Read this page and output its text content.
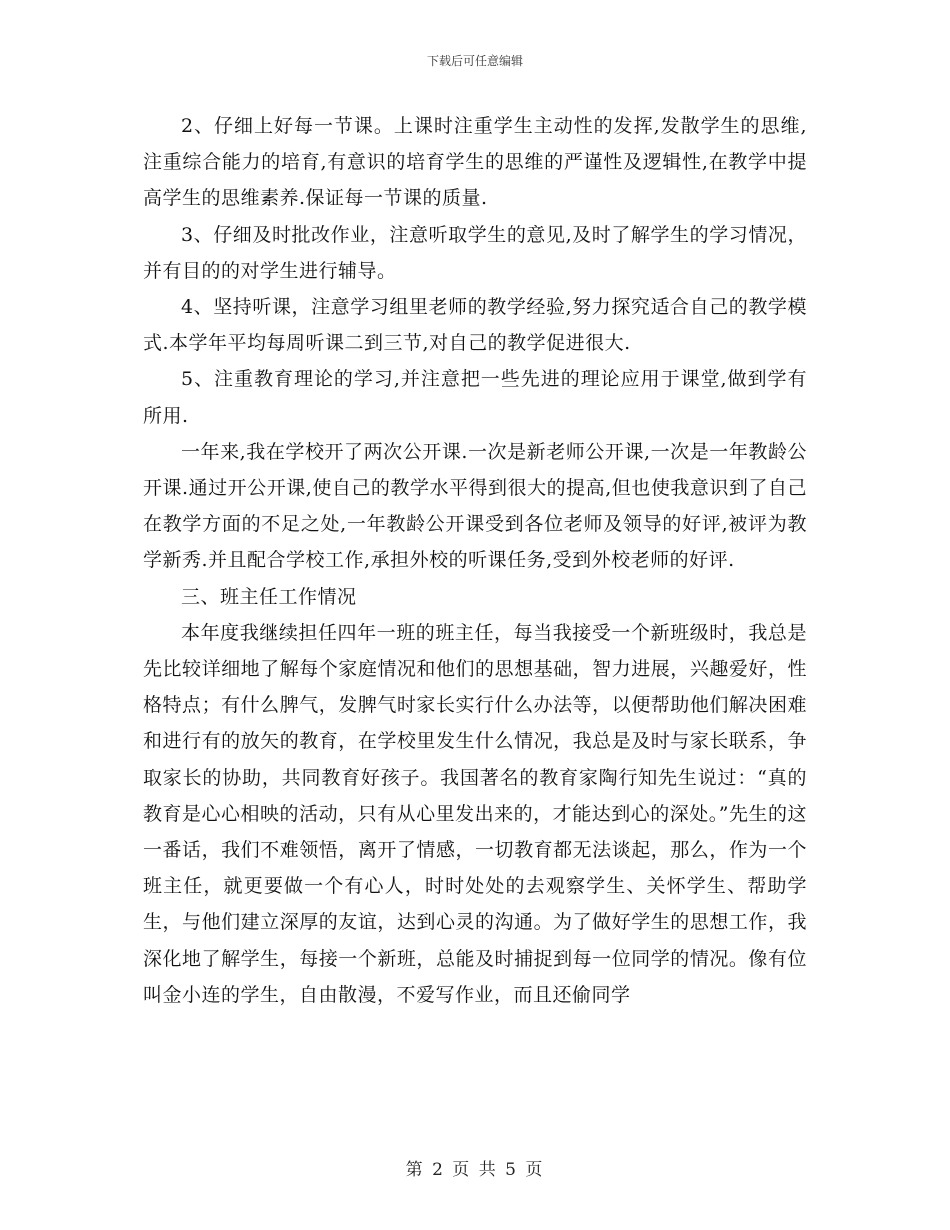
下载后可任意编辑

2、仔细上好每一节课。上课时注重学生主动性的发挥,发散学生的思维,注重综合能力的培育,有意识的培育学生的思维的严谨性及逻辑性,在教学中提高学生的思维素养.保证每一节课的质量.

3、仔细及时批改作业，注意听取学生的意见,及时了解学生的学习情况，并有目的的对学生进行辅导。

4、坚持听课，注意学习组里老师的教学经验,努力探究适合自己的教学模式.本学年平均每周听课二到三节,对自己的教学促进很大.

5、注重教育理论的学习,并注意把一些先进的理论应用于课堂,做到学有所用.

一年来,我在学校开了两次公开课.一次是新老师公开课,一次是一年教龄公开课.通过开公开课,使自己的教学水平得到很大的提高,但也使我意识到了自己在教学方面的不足之处,一年教龄公开课受到各位老师及领导的好评,被评为教学新秀.并且配合学校工作,承担外校的听课任务,受到外校老师的好评.

三、班主任工作情况

本年度我继续担任四年一班的班主任，每当我接受一个新班级时，我总是先比较详细地了解每个家庭情况和他们的思想基础，智力进展，兴趣爱好，性格特点；有什么脾气，发脾气时家长实行什么办法等，以便帮助他们解决困难和进行有的放矢的教育，在学校里发生什么情况，我总是及时与家长联系，争取家长的协助，共同教育好孩子。我国著名的教育家陶行知先生说过：“真的教育是心心相映的活动，只有从心里发出来的，才能达到心的深处。”先生的这一番话，我们不难领悟，离开了情感，一切教育都无法谈起，那么，作为一个班主任，就更要做一个有心人，时时处处的去观察学生、关怀学生、帮助学生，与他们建立深厚的友谊，达到心灵的沟通。为了做好学生的思想工作，我深化地了解学生，每接一个新班，总能及时捕捉到每一位同学的情况。像有位叫金小连的学生，自由散漫，不爱写作业，而且还偷同学

第 2 页 共 5 页
